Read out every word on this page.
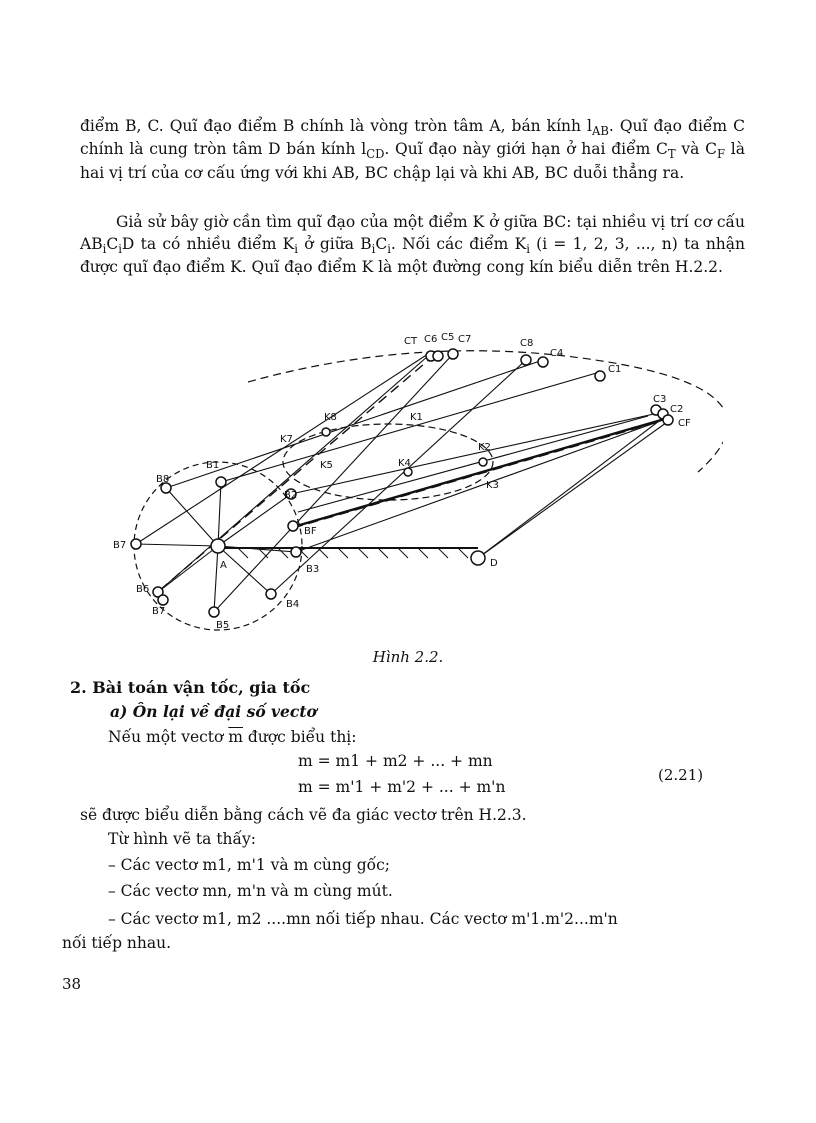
điểm B, C. Quĩ đạo điểm B chính là vòng tròn tâm A, bán kính $l_{AB}$. Quĩ đạo điểm C chính là cung tròn tâm D bán kính $l_{CD}$. Quĩ đạo này giới hạn ở hai điểm $C_T$ và $C_F$ là hai vị trí của cơ cấu ứng với khi AB, BC chập lại và khi AB, BC duỗi thẳng ra.
Giả sử bây giờ cần tìm quĩ đạo của một điểm K ở giữa BC: tại nhiều vị trí cơ cấu $AB_iC_iD$ ta có nhiều điểm $K_i$ ở giữa $B_iC_i$. Nối các điểm $K_i$ (i = 1, 2, 3, ..., n) ta nhận được quĩ đạo điểm K. Quĩ đạo điểm K là một đường cong kín biểu diễn trên H.2.2.
A	D
B1
B2
B3
B4
B5
B6
B7
B7
B8
BF
CT C6 C5 C7	C8
C4
C1
C3
C2
CF
K8	K1
K7
K2
K5	K4
K3
Hình 2.2.
2. Bài toán vận tốc, gia tốc
a) Ôn lại về đại số vectơ
Nếu một vectơ $\overline{m}$ được biểu thị:
m = m1 + m2 + ... + mn
m = m'1 + m'2 + ... + m'n
(2.21)
sẽ được biểu diễn bằng cách vẽ đa giác vectơ trên H.2.3.
Từ hình vẽ ta thấy:
– Các vectơ m1, m'1 và m cùng gốc;
– Các vectơ mn, m'n và m cùng mút.
– Các vectơ m1, m2 ....mn nối tiếp nhau. Các vectơ m'1.m'2...m'n
nối tiếp nhau.
38
